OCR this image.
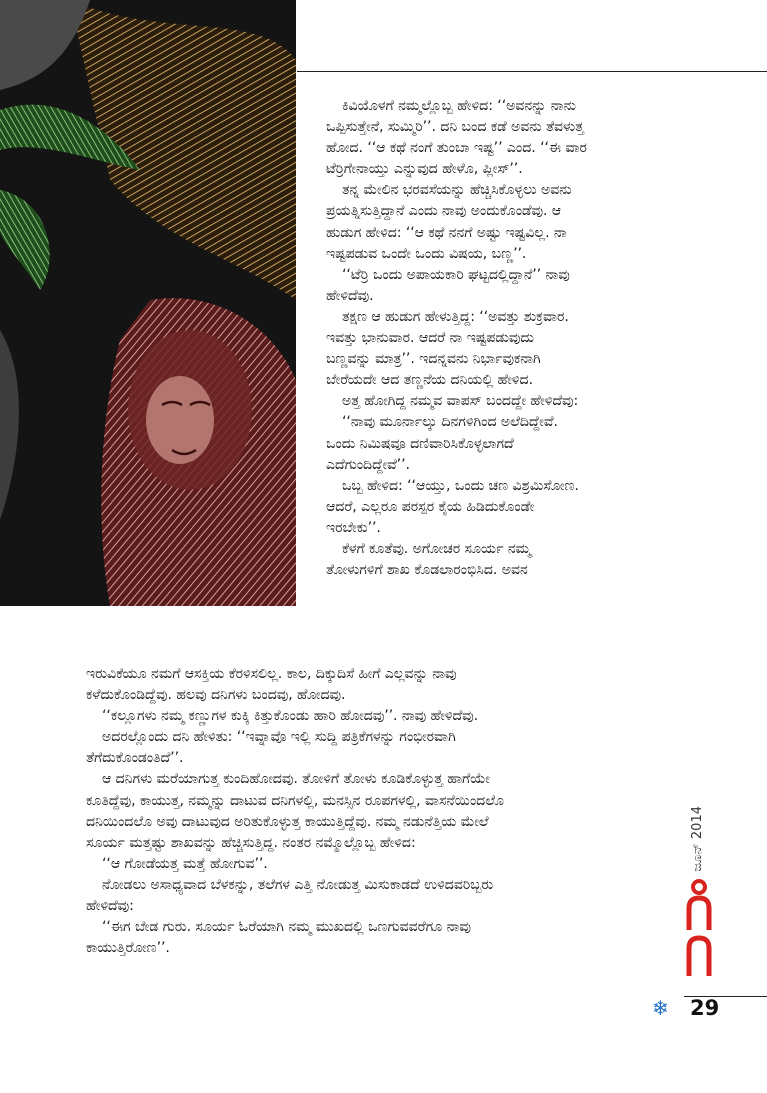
ಕಿವಿಯೊಳಗೆ ನಮ್ಮಲ್ಲೊಬ್ಬ ಹೇಳಿದ: ‘‘ಅವನನ್ನು ನಾನು

ಒಪ್ಪಿಸುತ್ತೇನೆ, ಸುಮ್ಮಿರಿ’’. ದನಿ ಬಂದ ಕಡೆ ಅವನು ತೆವಳುತ್ತ

ಹೋದ. ‘‘ಆ ಕಥೆ ನಂಗೆ ತುಂಬಾ ಇಷ್ಟ’’ ಎಂದ. ‘‘ಈ ವಾರ

ಟೆರ್ರಿಗೇನಾಯ್ತು ಎನ್ನುವುದ ಹೇಳೊ, ಪ್ಲೀಸ್’’.

ತನ್ನ ಮೇಲಿನ ಭರವಸೆಯನ್ನು ಹೆಚ್ಚಿಸಿಕೊಳ್ಳಲು ಅವನು

ಪ್ರಯತ್ನಿಸುತ್ತಿದ್ದಾನೆ ಎಂದು ನಾವು ಅಂದುಕೊಂಡೆವು. ಆ

ಹುಡುಗ ಹೇಳಿದ: ‘‘ಆ ಕಥೆ ನನಗೆ ಅಷ್ಟು ಇಷ್ಟವಿಲ್ಲ. ನಾ

ಇಷ್ಟಪಡುವ ಒಂದೇ ಒಂದು ವಿಷಯ, ಬಣ್ಣ’’.

‘‘ಟೆರ್ರಿ ಒಂದು ಅಪಾಯಕಾರಿ ಘಟ್ಟದಲ್ಲಿದ್ದಾನೆ’’ ನಾವು

ಹೇಳಿದೆವು.

ತಕ್ಷಣ ಆ ಹುಡುಗ ಹೇಳುತ್ತಿದ್ದ: ‘‘ಅವತ್ತು ಶುಕ್ರವಾರ.

ಇವತ್ತು ಭಾನುವಾರ. ಆದರೆ ನಾ ಇಷ್ಟಪಡುವುದು

ಬಣ್ಣವನ್ನು ಮಾತ್ರ’’. ಇದನ್ನವನು ನಿರ್ಭಾವುಕನಾಗಿ

ಬೇರೆಯದೇ ಆದ ತಣ್ಣನೆಯ ದನಿಯಲ್ಲಿ ಹೇಳಿದ.

ಅತ್ತ ಹೋಗಿದ್ದ ನಮ್ಮವ ವಾಪಸ್ ಬಂದದ್ದೇ ಹೇಳಿದೆವು:

‘‘ನಾವು ಮೂರ್ನಾಲ್ಕು ದಿನಗಳಿಗಿಂದ ಅಲೆದಿದ್ದೇವೆ.

ಒಂದು ನಿಮಿಷವೂ ದಣಿವಾರಿಸಿಕೊಳ್ಳಲಾಗದೆ

ಎದೆಗುಂದಿದ್ದೇವೆ’’.

ಒಬ್ಬ ಹೇಳಿದ: ‘‘ಆಯ್ತು, ಒಂದು ಚಣ ವಿಶ್ರಮಿಸೋಣ.

ಆದರೆ, ಎಲ್ಲರೂ ಪರಸ್ಪರ ಕೈಯ ಹಿಡಿದುಕೊಂಡೇ

ಇರಬೇಕು’’.

ಕೆಳಗೆ ಕೂತೆವು. ಅಗೋಚರ ಸೂರ್ಯ ನಮ್ಮ

ತೋಳುಗಳಿಗೆ ಶಾಖ ಕೊಡಲಾರಂಭಿಸಿದ. ಅವನ

ಇರುವಿಕೆಯೂ ನಮಗೆ ಆಸಕ್ತಿಯ ಕೆರಳಿಸಲಿಲ್ಲ. ಕಾಲ, ದಿಕ್ಕುದಿಸೆ ಹೀಗೆ ಎಲ್ಲವನ್ನು ನಾವು

ಕಳೆದುಕೊಂಡಿದ್ದೆವು. ಹಲವು ದನಿಗಳು ಬಂದವು, ಹೋದವು.

‘‘ಕಲ್ಲೂಗಳು ನಮ್ಮ ಕಣ್ಣುಗಳ ಕುಕ್ಕಿ ಕಿತ್ತುಕೊಂಡು ಹಾರಿ ಹೋದವು’’. ನಾವು ಹೇಳಿದೆವು.

ಅದರಲ್ಲೊಂದು ದನಿ ಹೇಳಿತು: ‘‘ಇವ್ನಾವೊ ಇಲ್ಲಿ ಸುದ್ದಿ ಪತ್ರಿಕೆಗಳನ್ನು ಗಂಭೀರವಾಗಿ

ತೆಗೆದುಕೊಂಡಂತಿದೆ’’.

ಆ ದನಿಗಳು ಮರೆಯಾಗುತ್ತ ಕುಂದಿಹೋದವು. ತೋಳಿಗೆ ತೋಳು ಕೂಡಿಕೊಳ್ಳುತ್ತ ಹಾಗೆಯೇ

ಕೂತಿದ್ದೆವು, ಕಾಯುತ್ತ, ನಮ್ಮನ್ನು ದಾಟುವ ದನಿಗಳಲ್ಲಿ, ಮನಸ್ಸಿನ ರೂಪಗಳಲ್ಲಿ, ವಾಸನೆಯಿಂದಲೊ

ದನಿಯಿಂದಲೊ ಅವು ದಾಟುವುದ ಅರಿತುಕೊಳ್ಳುತ್ತ ಕಾಯುತ್ತಿದ್ದೆವು. ನಮ್ಮ ನಡುನೆತ್ತಿಯ ಮೇಲೆ

ಸೂರ್ಯ ಮತ್ತಷ್ಟು ಶಾಖವನ್ನು ಹೆಚ್ಚಿಸುತ್ತಿದ್ದ. ನಂತರ ನಮ್ಮೊಲ್ಲೊಬ್ಬ ಹೇಳಿದ:

‘‘ಆ ಗೋಡೆಯತ್ತ ಮತ್ತೆ ಹೋಗುವ’’.

ನೋಡಲು ಅಸಾಧ್ಯವಾದ ಬೆಳಕನ್ನು, ತಲೆಗಳ ಎತ್ತಿ ನೋಡುತ್ತ ಮಿಸುಕಾಡದೆ ಉಳಿದವರಿಬ್ಬರು

ಹೇಳಿದೆವು:

‘‘ಈಗ ಬೇಡ ಗುರು. ಸೂರ್ಯ ಓರೆಯಾಗಿ ನಮ್ಮ ಮುಖದಲ್ಲಿ ಒಣಗುವವರೆಗೂ ನಾವು

ಕಾಯುತ್ತಿರೋಣ’’.

ಜೂನ್ 2014
❄ 29
